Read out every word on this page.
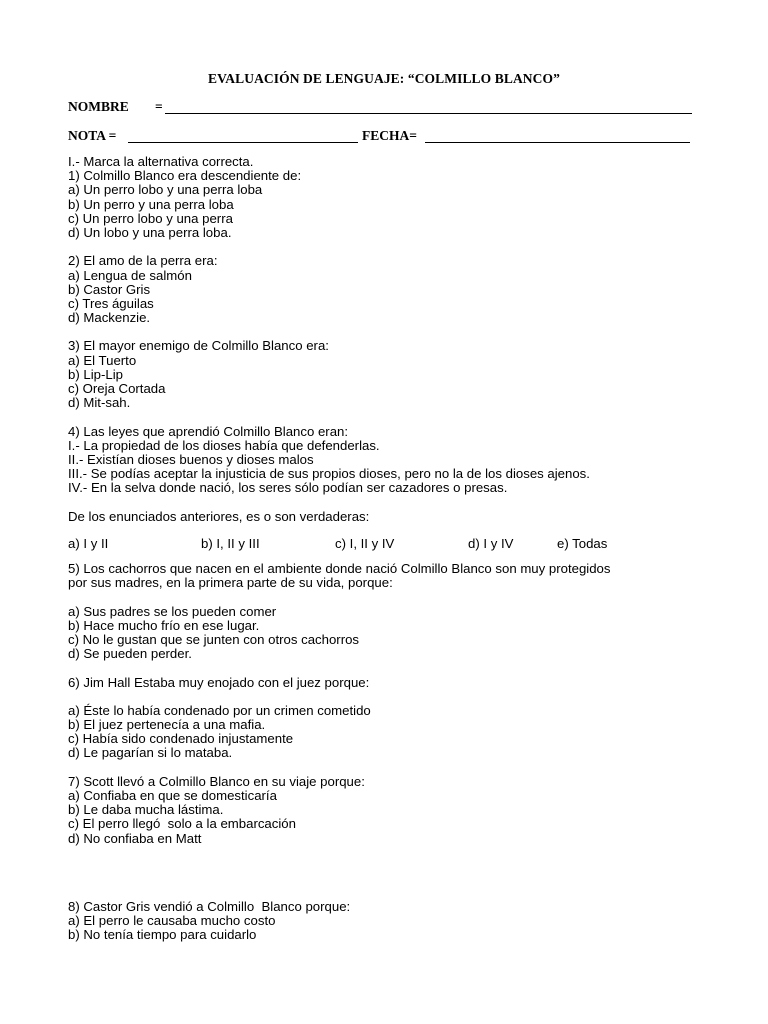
EVALUACIÓN DE LENGUAJE: “COLMILLO BLANCO”
NOMBRE =
NOTA =	FECHA=
I.- Marca la alternativa correcta.
1) Colmillo Blanco era descendiente de:
a) Un perro lobo y una perra loba
b) Un perro y una perra loba
c) Un perro lobo y una perra
d) Un lobo y una perra loba.
2) El amo de la perra era:
a) Lengua de salmón
b) Castor Gris
c) Tres águilas
d) Mackenzie.
3) El mayor enemigo de Colmillo Blanco era:
a) El Tuerto
b) Lip-Lip
c) Oreja Cortada
d) Mit-sah.
4) Las leyes que aprendió Colmillo Blanco eran:
I.- La propiedad de los dioses había que defenderlas.
II.- Existían dioses buenos y dioses malos
III.- Se podías aceptar la injusticia de sus propios dioses, pero no la de los dioses ajenos.
IV.- En la selva donde nació, los seres sólo podían ser cazadores o presas.
De los enunciados anteriores, es o son verdaderas:
a) I y II	b) I, II y III	c) I, II y IV	d) I y IV	e) Todas
5) Los cachorros que nacen en el ambiente donde nació Colmillo Blanco son muy protegidos
por sus madres, en la primera parte de su vida, porque:
a) Sus padres se los pueden comer
b) Hace mucho frío en ese lugar.
c) No le gustan que se junten con otros cachorros
d) Se pueden perder.
6) Jim Hall Estaba muy enojado con el juez porque:
a) Éste lo había condenado por un crimen cometido
b) El juez pertenecía a una mafia.
c) Había sido condenado injustamente
d) Le pagarían si lo mataba.
7) Scott llevó a Colmillo Blanco en su viaje porque:
a) Confiaba en que se domesticaría
b) Le daba mucha lástima.
c) El perro llegó  solo a la embarcación
d) No confiaba en Matt
8) Castor Gris vendió a Colmillo  Blanco porque:
a) El perro le causaba mucho costo
b) No tenía tiempo para cuidarlo
